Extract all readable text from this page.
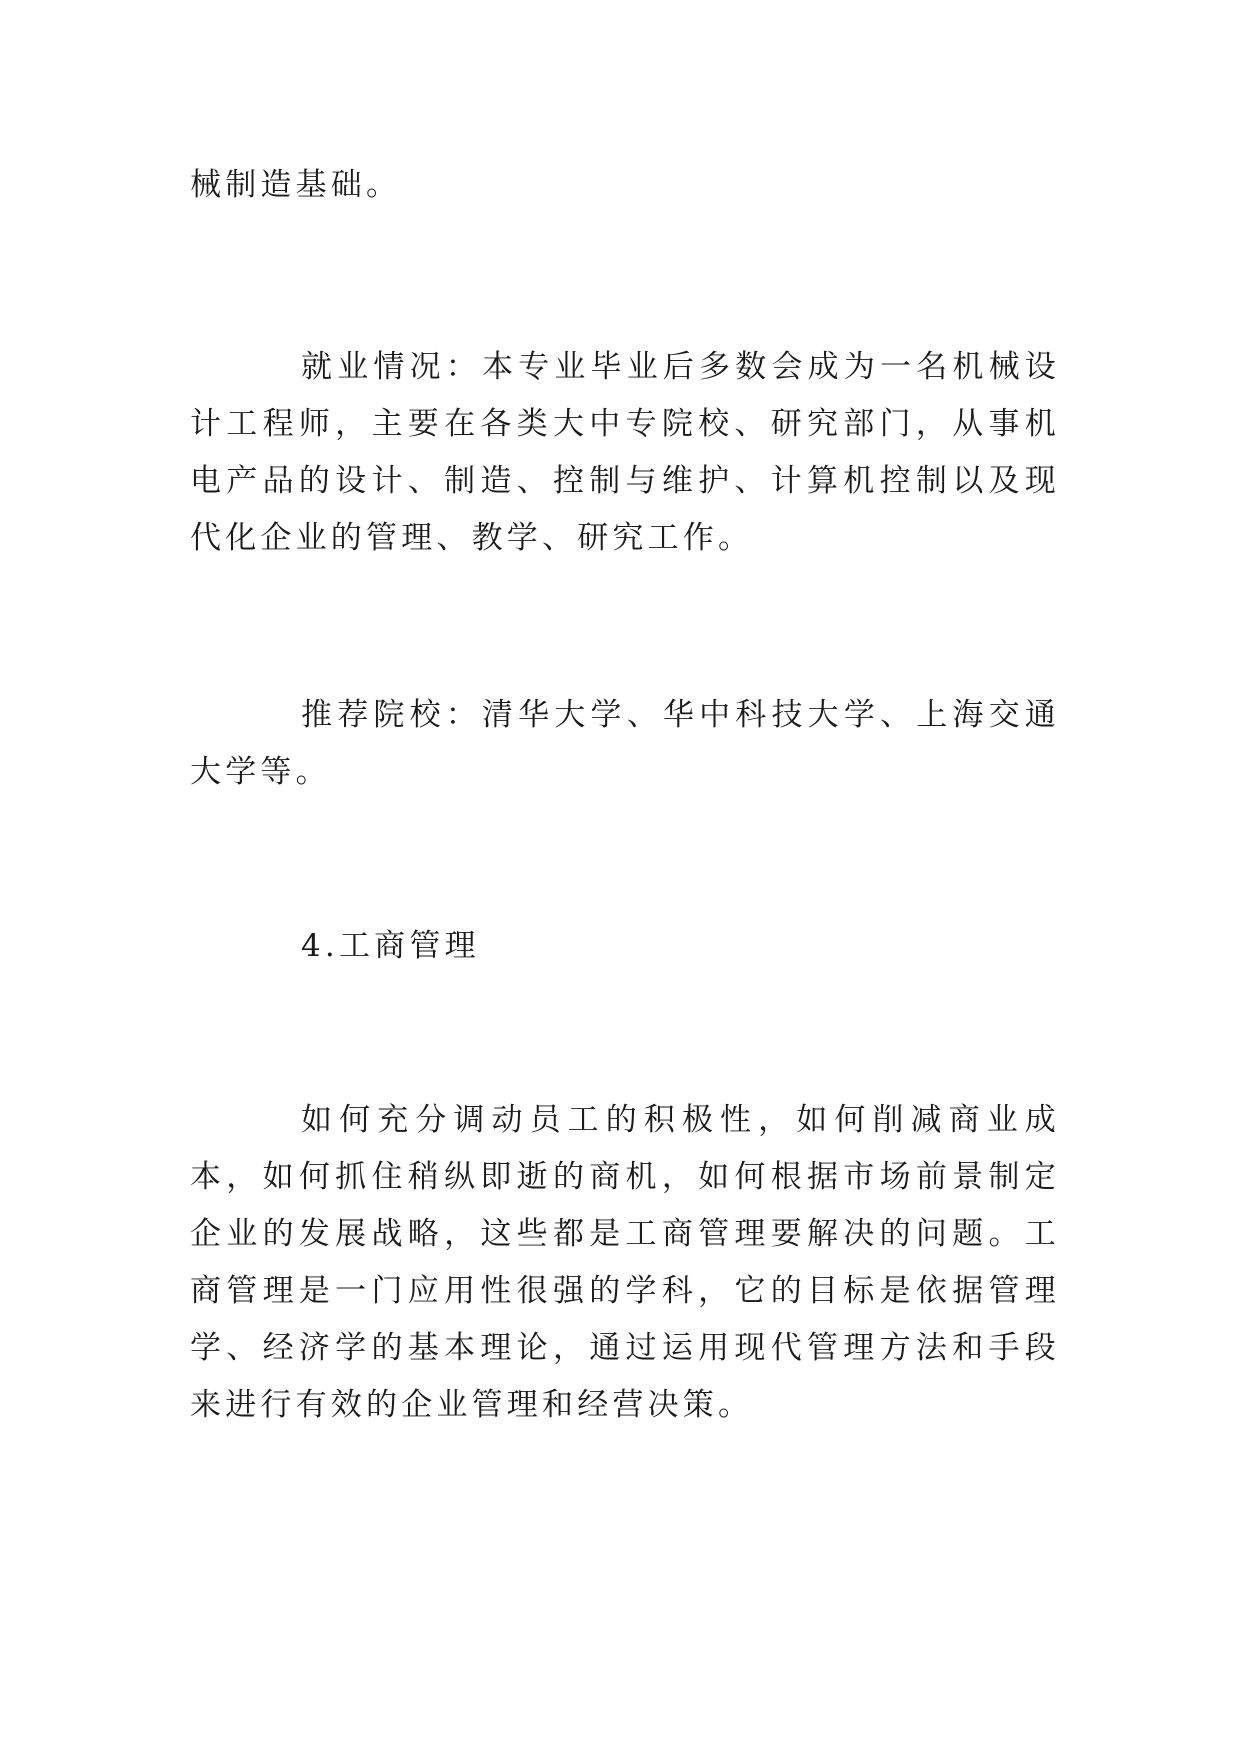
械制造基础。

就业情况：本专业毕业后多数会成为一名机械设计工程师，主要在各类大中专院校、研究部门，从事机电产品的设计、制造、控制与维护、计算机控制以及现代化企业的管理、教学、研究工作。

推荐院校：清华大学、华中科技大学、上海交通大学等。

4.工商管理

如何充分调动员工的积极性，如何削减商业成本，如何抓住稍纵即逝的商机，如何根据市场前景制定企业的发展战略，这些都是工商管理要解决的问题。工商管理是一门应用性很强的学科，它的目标是依据管理学、经济学的基本理论，通过运用现代管理方法和手段来进行有效的企业管理和经营决策。
